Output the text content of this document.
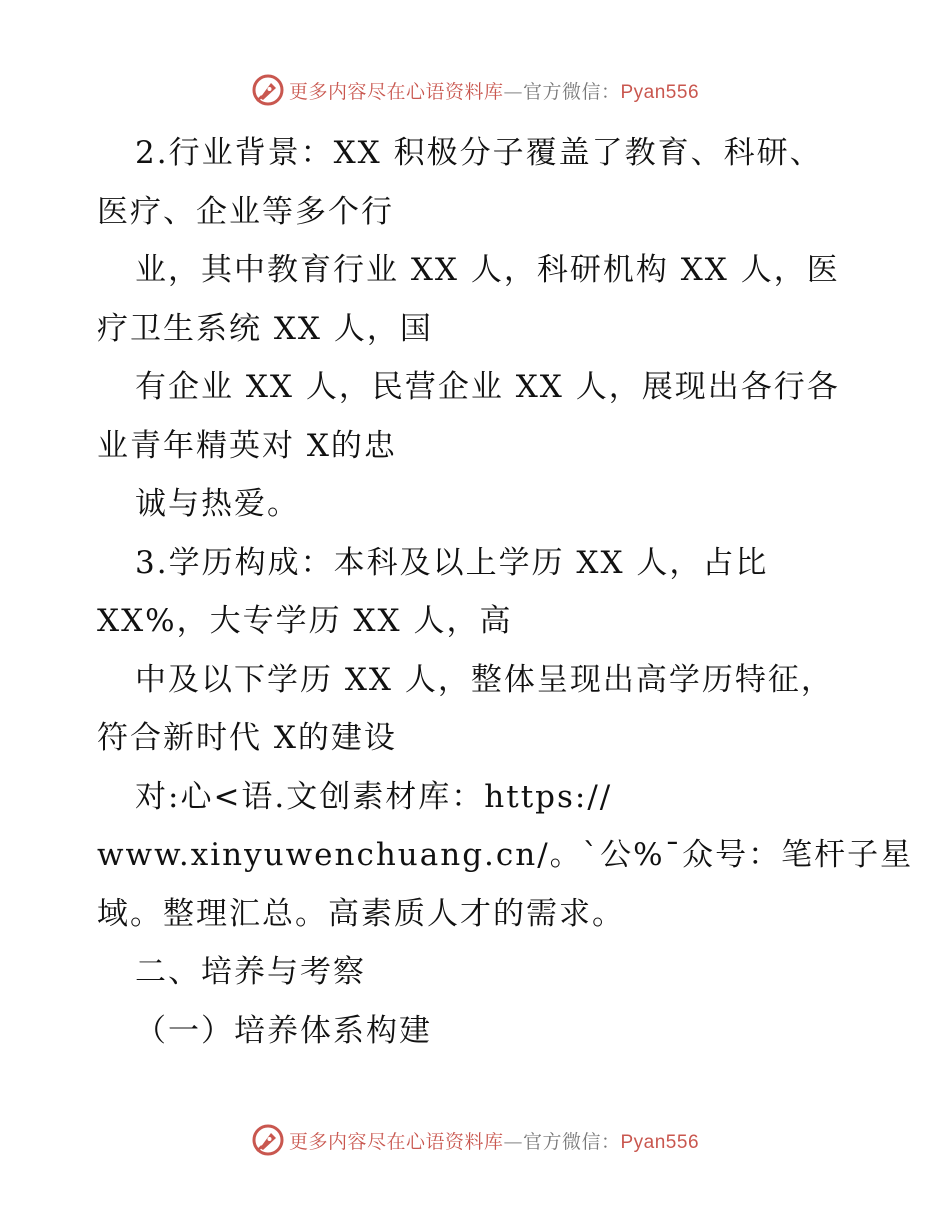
更多内容尽在心语资料库—官方微信：Pyan556
2.行业背景：XX 积极分子覆盖了教育、科研、
医疗、企业等多个行
业，其中教育行业 XX 人，科研机构 XX 人，医
疗卫生系统 XX 人，国
有企业 XX 人，民营企业 XX 人，展现出各行各
业青年精英对 X的忠
诚与热爱。
3.学历构成：本科及以上学历 XX 人，占比
XX%，大专学历 XX 人，高
中及以下学历 XX 人，整体呈现出高学历特征，
符合新时代 X的建设
对:心<语.文创素材库：https://
www.xinyuwenchuang.cn/。`公%¯众号：笔杆子星
域。整理汇总。高素质人才的需求。
二、培养与考察
（一）培养体系构建
更多内容尽在心语资料库—官方微信：Pyan556
